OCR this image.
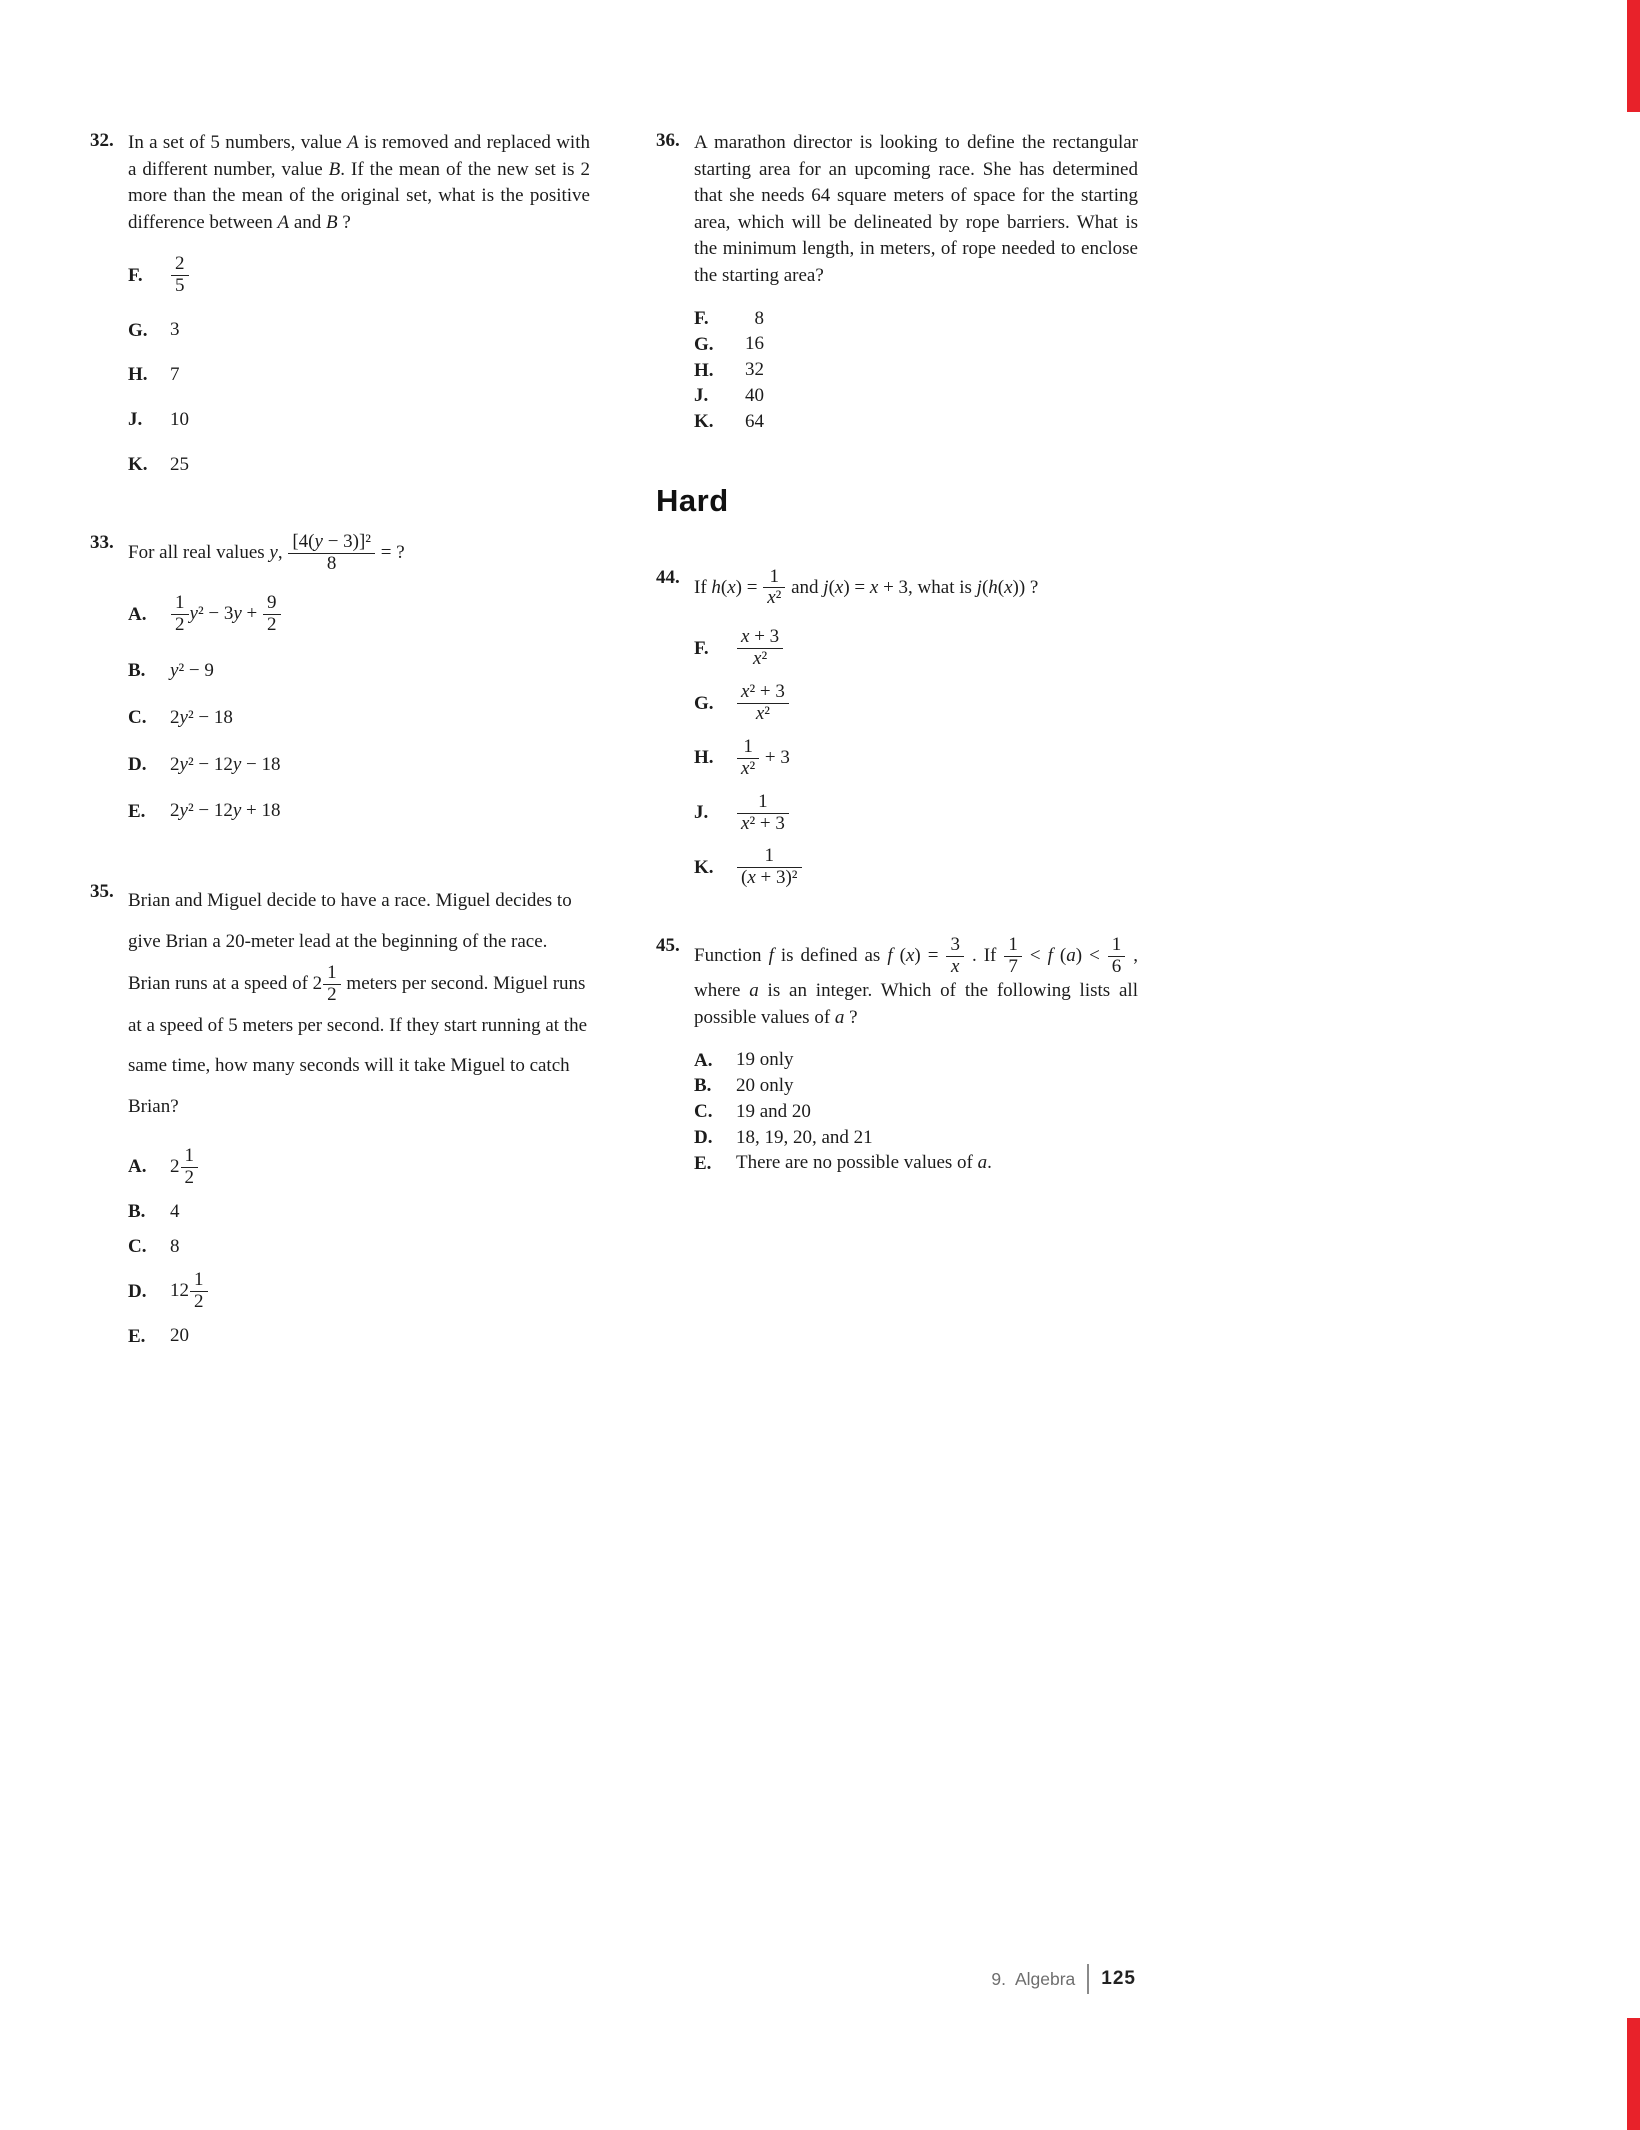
32. In a set of 5 numbers, value A is removed and replaced with a different number, value B. If the mean of the new set is 2 more than the mean of the original set, what is the positive difference between A and B ?

F.	$\frac{2}{5}$
G.	3
H.	7
J.	10
K.	25
33. For all real values y, $\frac{\text{[4(y − 3)]²}}{8}$ = ?

A.	$\frac{1}{2} y^2 - 3y + \frac{9}{2}$
B.	y² − 9
C.	2y² − 18
D.	2y² − 12y − 18
E.	2y² − 12y + 18
35. Brian and Miguel decide to have a race. Miguel decides to give Brian a 20-meter lead at the beginning of the race. Brian runs at a speed of $2 \frac{1}{2}$ meters per second. Miguel runs at a speed of 5 meters per second. If they start running at the same time, how many seconds will it take Miguel to catch Brian?

A.	$2 \frac{1}{2}$
B.	4
C.	8
D.	$12 \frac{1}{2}$
E.	20
36. A marathon director is looking to define the rectangular starting area for an upcoming race. She has determined that she needs 64 square meters of space for the starting area, which will be delineated by rope barriers. What is the minimum length, in meters, of rope needed to enclose the starting area?

F.	8
G.	16
H.	32
J.	40
K.	64
Hard
44. If $h(x) = \frac{1}{\text{x²}}$ and j(x) = x + 3, what is j(h(x)) ?

F.	$\frac{x + 3}{\text{x²}}$
G.	$\frac{\text{x² + 3}}{\text{x²}}$
H.	$\frac{1}{\text{x²}} + 3$
J.	$\frac{1}{\text{x² + 3}}$
K.	$\frac{1}{\text{(x + 3)²}}$
45. Function f is defined as f $(x) = \frac{3}{x}$ . If $\frac{1}{7} < f$ $(a) < \frac{1}{6}$ , where a is an integer. Which of the following lists all possible values of a ?

A.	19 only
B.	20 only
C.	19 and 20
D.	18, 19, 20, and 21
E.	There are no possible values of a.
9. Algebra 125
